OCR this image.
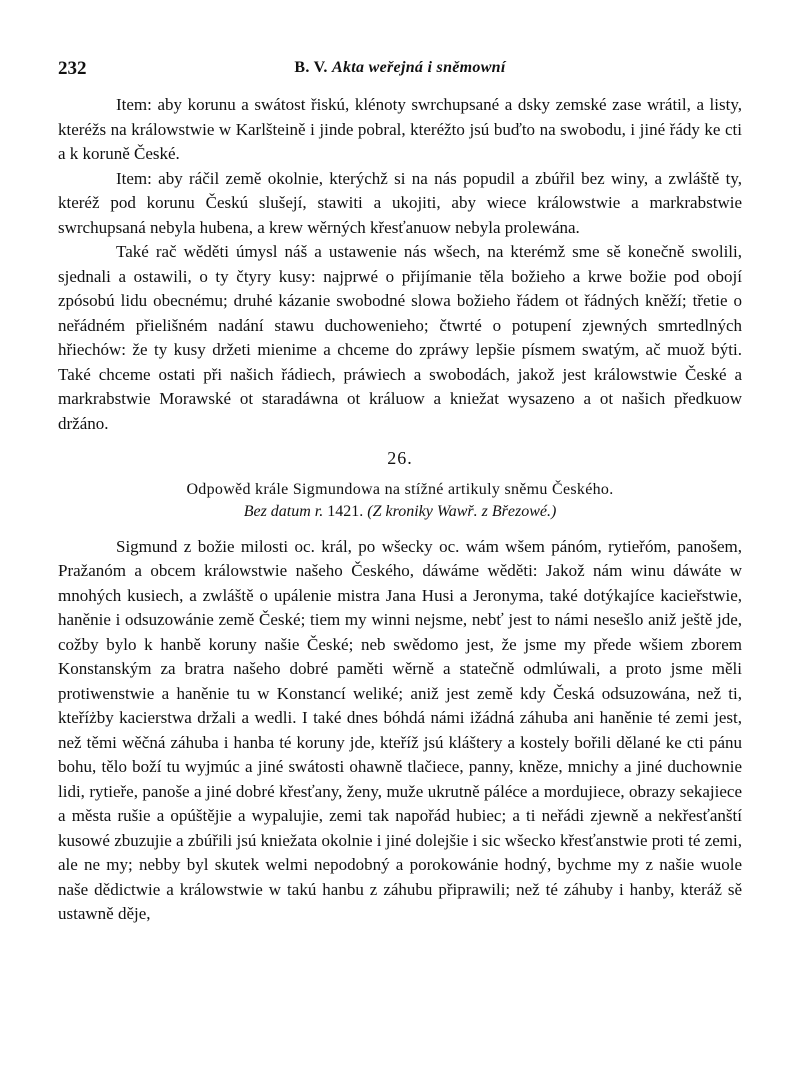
232	B. V. Akta weřejná i sněmowní

Item: aby korunu a swátost řiskú, klénoty swrchupsané a dsky zemské zase wrátil, a listy, kteréžs na králowstwie w Karlšteině i jinde pobral, kteréžto jsú buďto na swobodu, i jiné řády ke cti a k koruně České.

Item: aby ráčil země okolnie, kterýchž si na nás popudil a zbúřil bez winy, a zwláště ty, kteréž pod korunu Českú slušejí, stawiti a ukojiti, aby wiece králowstwie a markrabstwie swrchupsaná nebyla hubena, a krew wěrných křesťanuow nebyla prolewána.

Také rač wěděti úmysl náš a ustawenie nás wšech, na kterémž sme sě konečně swolili, sjednali a ostawili, o ty čtyry kusy: najprwé o přijímanie těla božieho a krwe božie pod obojí zpósobú lidu obecnému; druhé kázanie swobodné slowa božieho řádem ot řádných kněží; třetie o neřádném přielišném nadání stawu duchowenieho; čtwrté o potupení zjewných smrtedlných hřiechów: že ty kusy držeti mienime a chceme do zpráwy lepšie písmem swatým, ač muož býti. Také chceme ostati při našich řádiech, práwiech a swobodách, jakož jest králowstwie České a markrabstwie Morawské ot staradáwna ot králuow a kniežat wysazeno a ot našich předkuow držáno.

26.

Odpowěd krále Sigmundowa na stížné artikuly sněmu Českého.

Bez datum r. 1421. (Z kroniky Wawř. z Březowé.)

Sigmund z božie milosti oc. král, po wšecky oc. wám wšem pánóm, rytieřóm, panošem, Pražanóm a obcem králowstwie našeho Českého, dáwáme wěděti: Jakož nám winu dáwáte w mnohých kusiech, a zwláště o upálenie mistra Jana Husi a Jeronyma, také dotýkajíce kacieřstwie, haněnie i odsuzowánie země České; tiem my winni nejsme, nebť jest to námi nesešlo aniž ještě jde, cožby bylo k hanbě koruny našie České; neb swědomo jest, že jsme my přede wšiem zborem Konstanským za bratra našeho dobré paměti wěrně a statečně odmlúwali, a proto jsme měli protiwenstwie a haněnie tu w Konstancí weliké; aniž jest země kdy Česká odsuzowána, než ti, kteříżby kacierstwa držali a wedli. I také dnes bóhdá námi ižádná záhuba ani haněnie té zemi jest, než těmi wěčná záhuba i hanba té koruny jde, kteříž jsú kláštery a kostely bořili dělané ke cti pánu bohu, tělo boží tu wyjmúc a jiné swátosti ohawně tlačiece, panny, kněze, mnichy a jiné duchownie lidi, rytieře, panoše a jiné dobré křesťany, ženy, muže ukrutně páléce a mordujiece, obrazy sekajiece a města rušie a opúštějie a wypalujie, zemi tak napořád hubiec; a ti neřádi zjewně a nekřesťanští kusowé zbuzujie a zbúřili jsú kniežata okolnie i jiné dolejšie i sic wšecko křesťanstwie proti té zemi, ale ne my; nebby byl skutek welmi nepodobný a porokowánie hodný, bychme my z našie wuole naše dědictwie a králowstwie w takú hanbu z záhubu připrawili; než té záhuby i hanby, kteráž sě ustawně děje,
